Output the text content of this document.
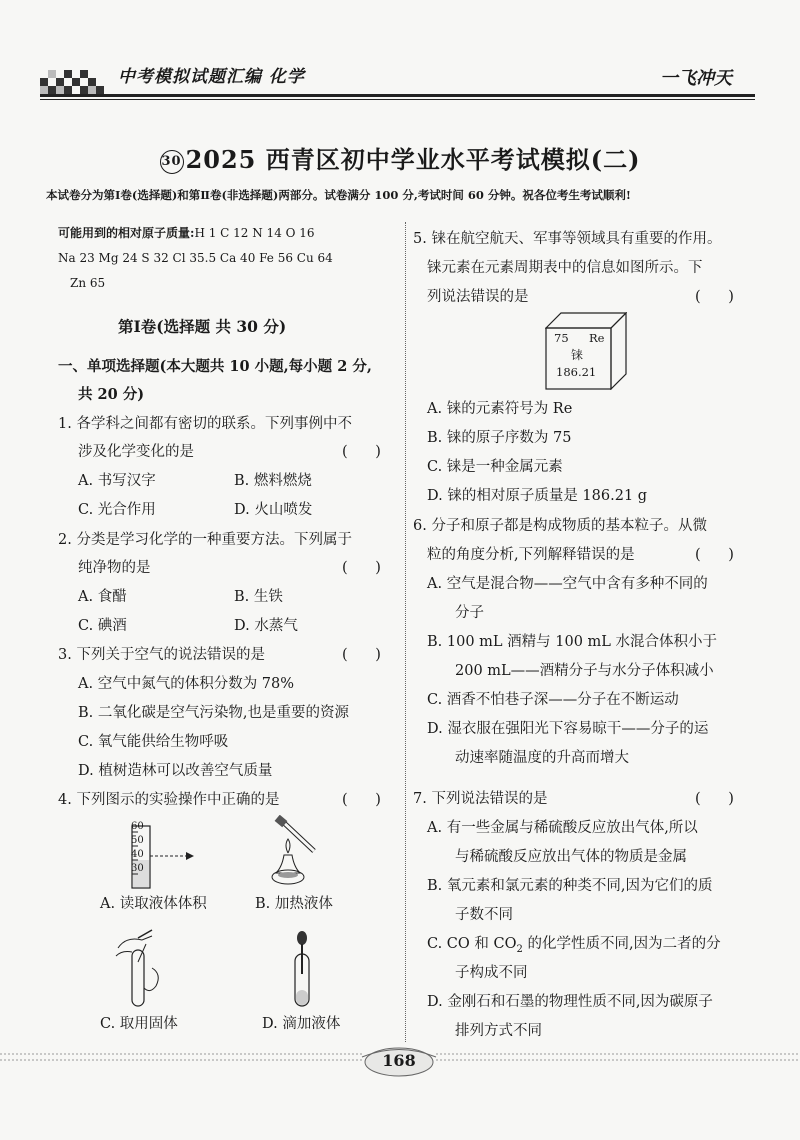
中考模拟试题汇编 化学	一飞冲天
30 2025 西青区初中学业水平考试模拟(二)
本试卷分为第Ⅰ卷(选择题)和第Ⅱ卷(非选择题)两部分。试卷满分 100 分,考试时间 60 分钟。祝各位考生考试顺利!
可能用到的相对原子质量:H 1 C 12 N 14 O 16
Na 23 Mg 24 S 32 Cl 35.5 Ca 40 Fe 56 Cu 64
Zn 65
第Ⅰ卷(选择题 共 30 分)
一、单项选择题(本大题共 10 小题,每小题 2 分,
共 20 分)
1. 各学科之间都有密切的联系。下列事例中不
涉及化学变化的是	(      )
A. 书写汉字	B. 燃料燃烧
C. 光合作用	D. 火山喷发
2. 分类是学习化学的一种重要方法。下列属于
纯净物的是	(      )
A. 食醋	B. 生铁
C. 碘酒	D. 水蒸气
3. 下列关于空气的说法错误的是	(      )
A. 空气中氮气的体积分数为 78%
B. 二氧化碳是空气污染物,也是重要的资源
C. 氧气能供给生物呼吸
D. 植树造林可以改善空气质量
4. 下列图示的实验操作中正确的是	(      )
60
50
40
30
A. 读取液体体积	B. 加热液体
C. 取用固体	D. 滴加液体
5. 铼在航空航天、军事等领域具有重要的作用。
铼元素在元素周期表中的信息如图所示。下
列说法错误的是	(      )
75 Re
铼
186.21
A. 铼的元素符号为 Re
B. 铼的原子序数为 75
C. 铼是一种金属元素
D. 铼的相对原子质量是 186.21 g
6. 分子和原子都是构成物质的基本粒子。从微
粒的角度分析,下列解释错误的是	(      )
A. 空气是混合物——空气中含有多种不同的
分子
B. 100 mL 酒精与 100 mL 水混合体积小于
200 mL——酒精分子与水分子体积减小
C. 酒香不怕巷子深——分子在不断运动
D. 湿衣服在强阳光下容易晾干——分子的运
动速率随温度的升高而增大
7. 下列说法错误的是	(      )
A. 有一些金属与稀硫酸反应放出气体,所以
与稀硫酸反应放出气体的物质是金属
B. 氧元素和氯元素的种类不同,因为它们的质
子数不同
C. CO 和 $CO_2$ 的化学性质不同,因为二者的分
子构成不同
D. 金刚石和石墨的物理性质不同,因为碳原子
排列方式不同
168
